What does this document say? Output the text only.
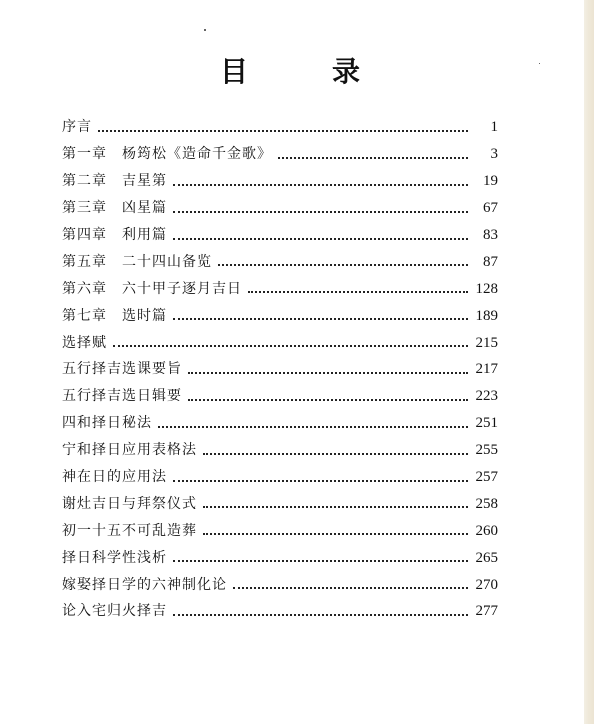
目	录
序言	1
第一章 杨筠松《造命千金歌》	3
第二章 吉星第	19
第三章 凶星篇	67
第四章 利用篇	83
第五章 二十四山备览	87
第六章 六十甲子逐月吉日	128
第七章 选时篇	189
选择赋	215
五行择吉选课要旨	217
五行择吉选日辑要	223
四和择日秘法	251
宁和择日应用表格法	255
神在日的应用法	257
谢灶吉日与拜祭仪式	258
初一十五不可乱造葬	260
择日科学性浅析	265
嫁娶择日学的六神制化论	270
论入宅归火择吉	277
